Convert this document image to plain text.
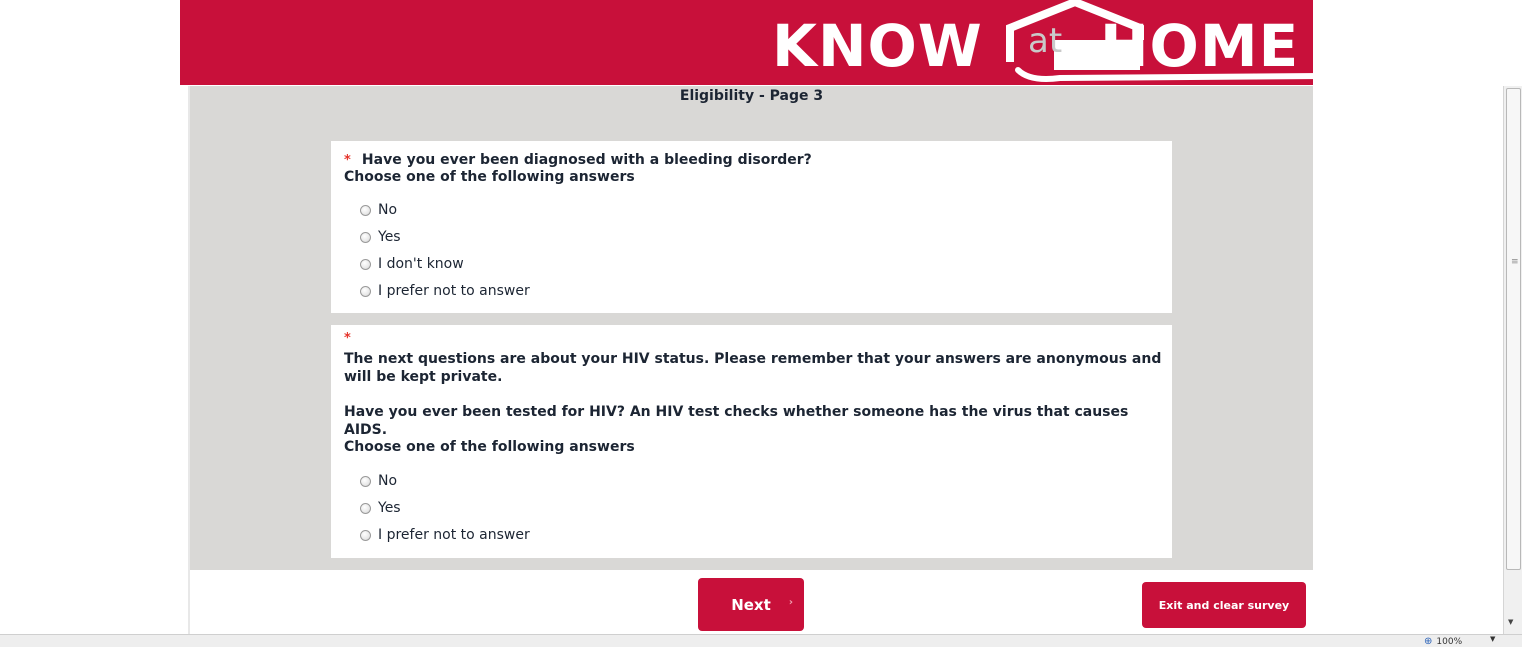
KNOW at HOME
Eligibility - Page 3
* Have you ever been diagnosed with a bleeding disorder?
Choose one of the following answers
No
Yes
I don't know
I prefer not to answer
*
The next questions are about your HIV status. Please remember that your answers are anonymous and will be kept private.
Have you ever been tested for HIV? An HIV test checks whether someone has the virus that causes AIDS.
Choose one of the following answers
No
Yes
I prefer not to answer
Next ›	Exit and clear survey
≡
▼
⊕ 100%	▼
